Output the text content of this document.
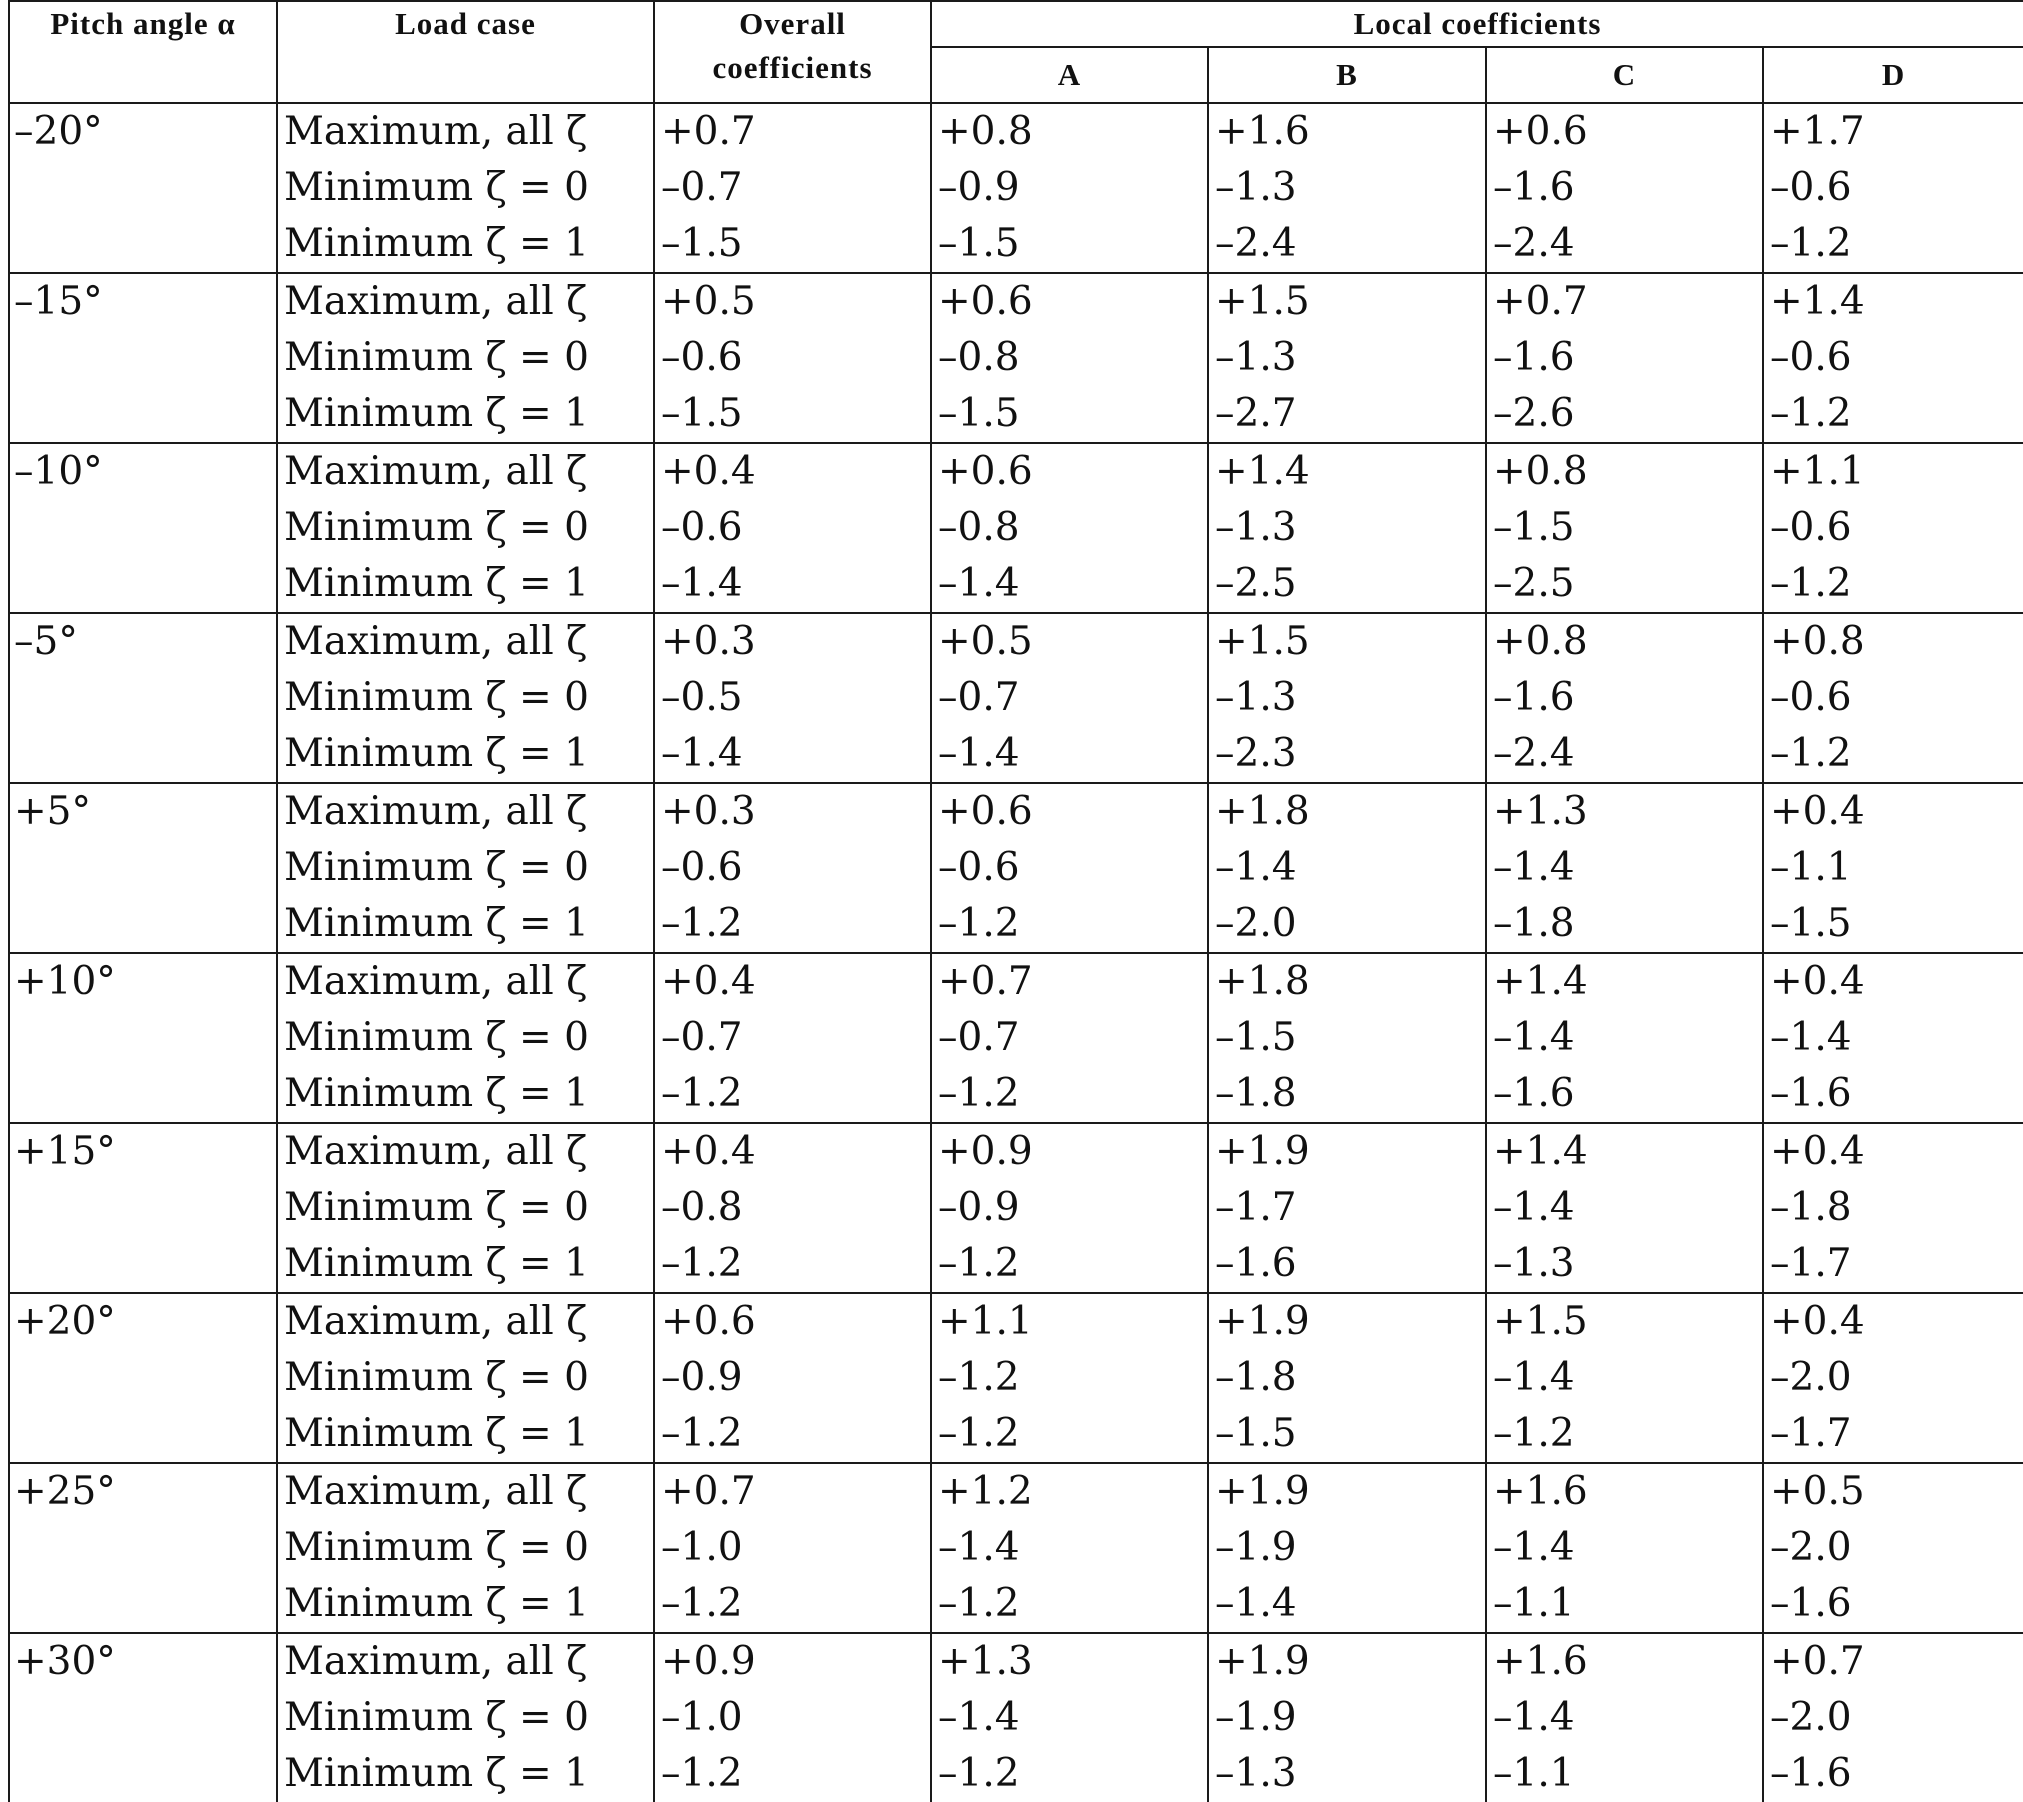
Pitch angle α	Load case	Overall coefficients	Local coefficients			
			A	B	C	D
–20°	Maximum, all ζ	+0.7	+0.8	+1.6	+0.6	+1.7
	Minimum ζ = 0	–0.7	–0.9	–1.3	–1.6	–0.6
	Minimum ζ = 1	–1.5	–1.5	–2.4	–2.4	–1.2
–15°	Maximum, all ζ	+0.5	+0.6	+1.5	+0.7	+1.4
	Minimum ζ = 0	–0.6	–0.8	–1.3	–1.6	–0.6
	Minimum ζ = 1	–1.5	–1.5	–2.7	–2.6	–1.2
–10°	Maximum, all ζ	+0.4	+0.6	+1.4	+0.8	+1.1
	Minimum ζ = 0	–0.6	–0.8	–1.3	–1.5	–0.6
	Minimum ζ = 1	–1.4	–1.4	–2.5	–2.5	–1.2
–5°	Maximum, all ζ	+0.3	+0.5	+1.5	+0.8	+0.8
	Minimum ζ = 0	–0.5	–0.7	–1.3	–1.6	–0.6
	Minimum ζ = 1	–1.4	–1.4	–2.3	–2.4	–1.2
+5°	Maximum, all ζ	+0.3	+0.6	+1.8	+1.3	+0.4
	Minimum ζ = 0	–0.6	–0.6	–1.4	–1.4	–1.1
	Minimum ζ = 1	–1.2	–1.2	–2.0	–1.8	–1.5
+10°	Maximum, all ζ	+0.4	+0.7	+1.8	+1.4	+0.4
	Minimum ζ = 0	–0.7	–0.7	–1.5	–1.4	–1.4
	Minimum ζ = 1	–1.2	–1.2	–1.8	–1.6	–1.6
+15°	Maximum, all ζ	+0.4	+0.9	+1.9	+1.4	+0.4
	Minimum ζ = 0	–0.8	–0.9	–1.7	–1.4	–1.8
	Minimum ζ = 1	–1.2	–1.2	–1.6	–1.3	–1.7
+20°	Maximum, all ζ	+0.6	+1.1	+1.9	+1.5	+0.4
	Minimum ζ = 0	–0.9	–1.2	–1.8	–1.4	–2.0
	Minimum ζ = 1	–1.2	–1.2	–1.5	–1.2	–1.7
+25°	Maximum, all ζ	+0.7	+1.2	+1.9	+1.6	+0.5
	Minimum ζ = 0	–1.0	–1.4	–1.9	–1.4	–2.0
	Minimum ζ = 1	–1.2	–1.2	–1.4	–1.1	–1.6
+30°	Maximum, all ζ	+0.9	+1.3	+1.9	+1.6	+0.7
	Minimum ζ = 0	–1.0	–1.4	–1.9	–1.4	–2.0
	Minimum ζ = 1	–1.2	–1.2	–1.3	–1.1	–1.6
